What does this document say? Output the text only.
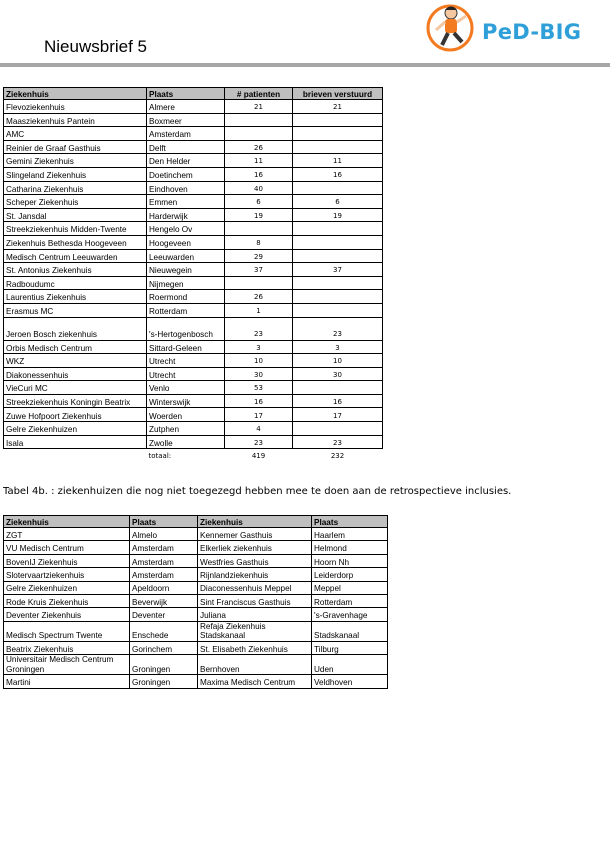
Nieuwsbrief 5
PeD-BIG
Ziekenhuis	Plaats	# patienten	brieven verstuurd
Flevoziekenhuis	Almere	21	21
Maasziekenhuis Pantein	Boxmeer		
AMC	Amsterdam		
Reinier de Graaf Gasthuis	Delft	26	
Gemini Ziekenhuis	Den Helder	11	11
Slingeland Ziekenhuis	Doetinchem	16	16
Catharina Ziekenhuis	Eindhoven	40	
Scheper Ziekenhuis	Emmen	6	6
St. Jansdal	Harderwijk	19	19
Streekziekenhuis Midden-Twente	Hengelo Ov		
Ziekenhuis Bethesda Hoogeveen	Hoogeveen	8	
Medisch Centrum Leeuwarden	Leeuwarden	29	
St. Antonius Ziekenhuis	Nieuwegein	37	37
Radboudumc	Nijmegen		
Laurentius Ziekenhuis	Roermond	26	
Erasmus MC	Rotterdam	1	
Jeroen Bosch ziekenhuis	's-Hertogenbosch	23	23
Orbis Medisch Centrum	Sittard-Geleen	3	3
WKZ	Utrecht	10	10
Diakonessenhuis	Utrecht	30	30
VieCuri MC	Venlo	53	
Streekziekenhuis Koningin Beatrix	Winterswijk	16	16
Zuwe Hofpoort Ziekenhuis	Woerden	17	17
Gelre Ziekenhuizen	Zutphen	4	
Isala	Zwolle	23	23
	totaal:	419	232
Tabel 4b. : ziekenhuizen die nog niet toegezegd hebben mee te doen aan de retrospectieve inclusies.
Ziekenhuis	Plaats	Ziekenhuis	Plaats
ZGT	Almelo	Kennemer Gasthuis	Haarlem
VU Medisch Centrum	Amsterdam	Elkerliek ziekenhuis	Helmond
BovenIJ Ziekenhuis	Amsterdam	Westfries Gasthuis	Hoorn Nh
Slotervaartziekenhuis	Amsterdam	Rijnlandziekenhuis	Leiderdorp
Gelre Ziekenhuizen	Apeldoorn	Diaconessenhuis Meppel	Meppel
Rode Kruis Ziekenhuis	Beverwijk	Sint Franciscus Gasthuis	Rotterdam
Deventer Ziekenhuis	Deventer	Juliana	's-Gravenhage
Medisch Spectrum Twente	Enschede	Refaja Ziekenhuis Stadskanaal	Stadskanaal
Beatrix Ziekenhuis	Gorinchem	St. Elisabeth Ziekenhuis	Tilburg
Universitair Medisch Centrum Groningen	Groningen	Bernhoven	Uden
Martini	Groningen	Maxima Medisch Centrum	Veldhoven
